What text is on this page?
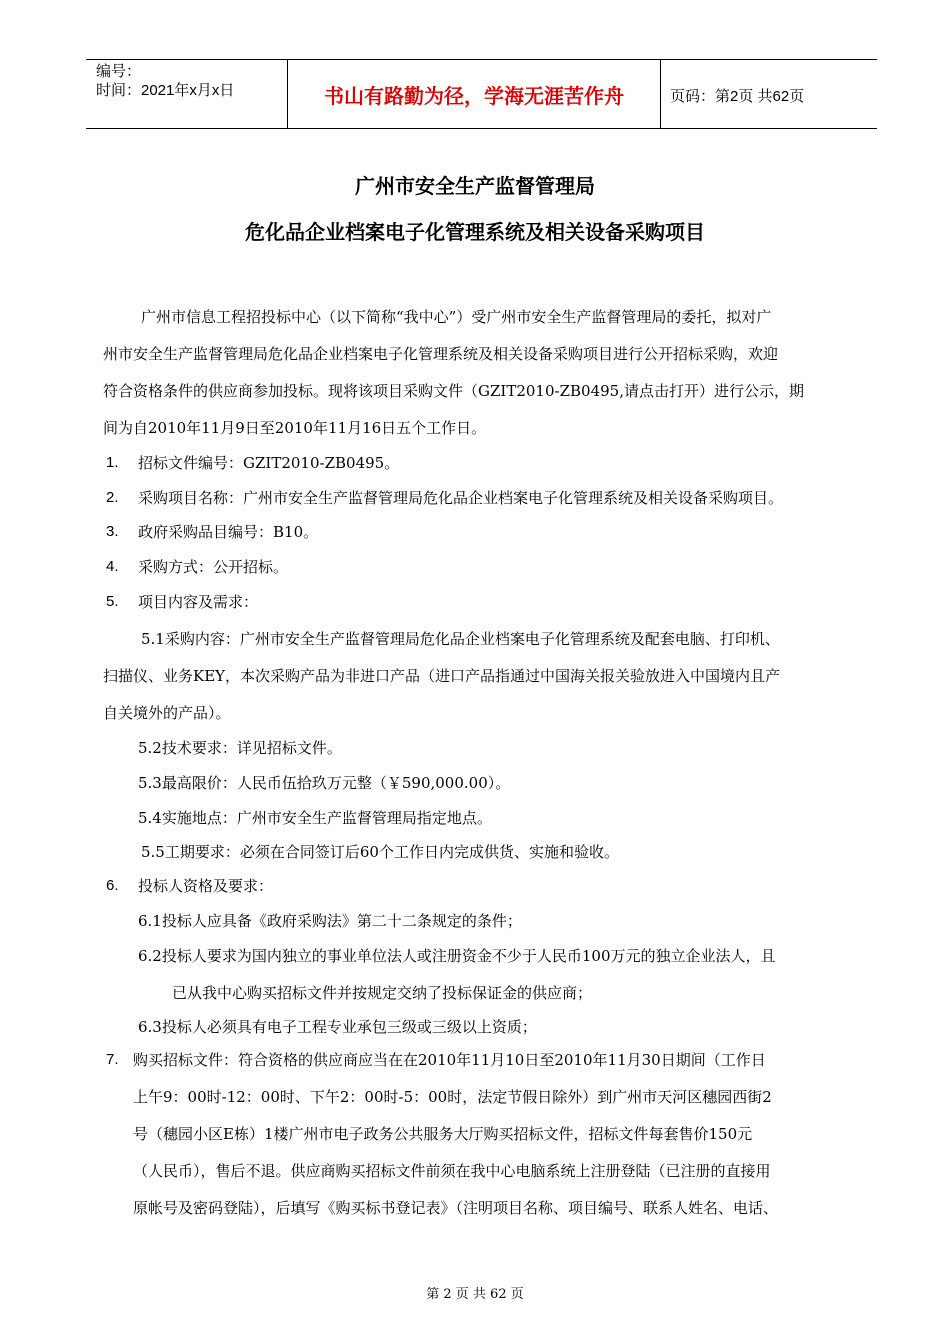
编号：
时间：2021年x月x日	书山有路勤为径，学海无涯苦作舟	页码：第2页 共62页
广州市安全生产监督管理局
危化品企业档案电子化管理系统及相关设备采购项目
广州市信息工程招投标中心（以下简称“我中心”）受广州市安全生产监督管理局的委托，拟对广
州市安全生产监督管理局危化品企业档案电子化管理系统及相关设备采购项目进行公开招标采购，欢迎
符合资格条件的供应商参加投标。现将该项目采购文件（GZIT2010-ZB0495,请点击打开）进行公示，期
间为自2010年11月9日至2010年11月16日五个工作日。
1. 招标文件编号：GZIT2010-ZB0495。
2. 采购项目名称：广州市安全生产监督管理局危化品企业档案电子化管理系统及相关设备采购项目。
3. 政府采购品目编号：B10。
4. 采购方式：公开招标。
5. 项目内容及需求：
5.1采购内容：广州市安全生产监督管理局危化品企业档案电子化管理系统及配套电脑、打印机、
扫描仪、业务KEY，本次采购产品为非进口产品（进口产品指通过中国海关报关验放进入中国境内且产
自关境外的产品）。
5.2技术要求：详见招标文件。
5.3最高限价：人民币伍拾玖万元整（￥590,000.00）。
5.4实施地点：广州市安全生产监督管理局指定地点。
5.5工期要求：必须在合同签订后60个工作日内完成供货、实施和验收。
6. 投标人资格及要求：
6.1投标人应具备《政府采购法》第二十二条规定的条件；
6.2投标人要求为国内独立的事业单位法人或注册资金不少于人民币100万元的独立企业法人，且
已从我中心购买招标文件并按规定交纳了投标保证金的供应商；
6.3投标人必须具有电子工程专业承包三级或三级以上资质；
7. 购买招标文件：符合资格的供应商应当在在2010年11月10日至2010年11月30日期间（工作日
上午9：00时-12：00时、下午2：00时-5：00时，法定节假日除外）到广州市天河区穗园西街2
号（穗园小区E栋）1楼广州市电子政务公共服务大厅购买招标文件，招标文件每套售价150元
（人民币），售后不退。供应商购买招标文件前须在我中心电脑系统上注册登陆（已注册的直接用
原帐号及密码登陆），后填写《购买标书登记表》（注明项目名称、项目编号、联系人姓名、电话、
第 2 页 共 62 页
